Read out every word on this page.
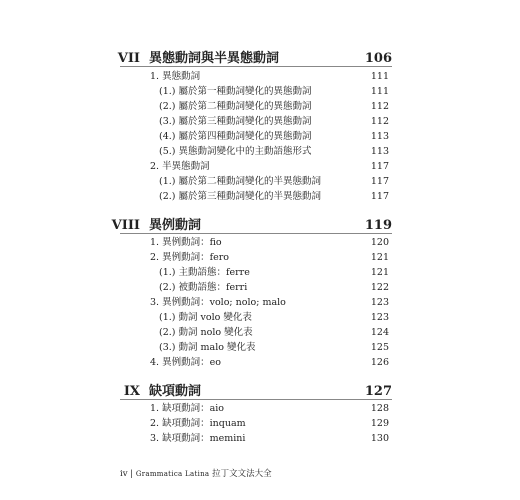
VII 異態動詞與半異態動詞	106
1. 異態動詞	111
(1.) 屬於第一種動詞變化的異態動詞	111
(2.) 屬於第二種動詞變化的異態動詞	112
(3.) 屬於第三種動詞變化的異態動詞	112
(4.) 屬於第四種動詞變化的異態動詞	113
(5.) 異態動詞變化中的主動語態形式	113
2. 半異態動詞	117
(1.) 屬於第二種動詞變化的半異態動詞	117
(2.) 屬於第三種動詞變化的半異態動詞	117
VIII 異例動詞	119
1. 異例動詞：fio	120
2. 異例動詞：fero	121
(1.) 主動語態：ferre	121
(2.) 被動語態：ferri	122
3. 異例動詞：volo; nolo; malo	123
(1.) 動詞 volo 變化表	123
(2.) 動詞 nolo 變化表	124
(3.) 動詞 malo 變化表	125
4. 異例動詞：eo	126
IX 缺項動詞	127
1. 缺項動詞：aio	128
2. 缺項動詞：inquam	129
3. 缺項動詞：memini	130
iv | Grammatica Latina 拉丁文文法大全
